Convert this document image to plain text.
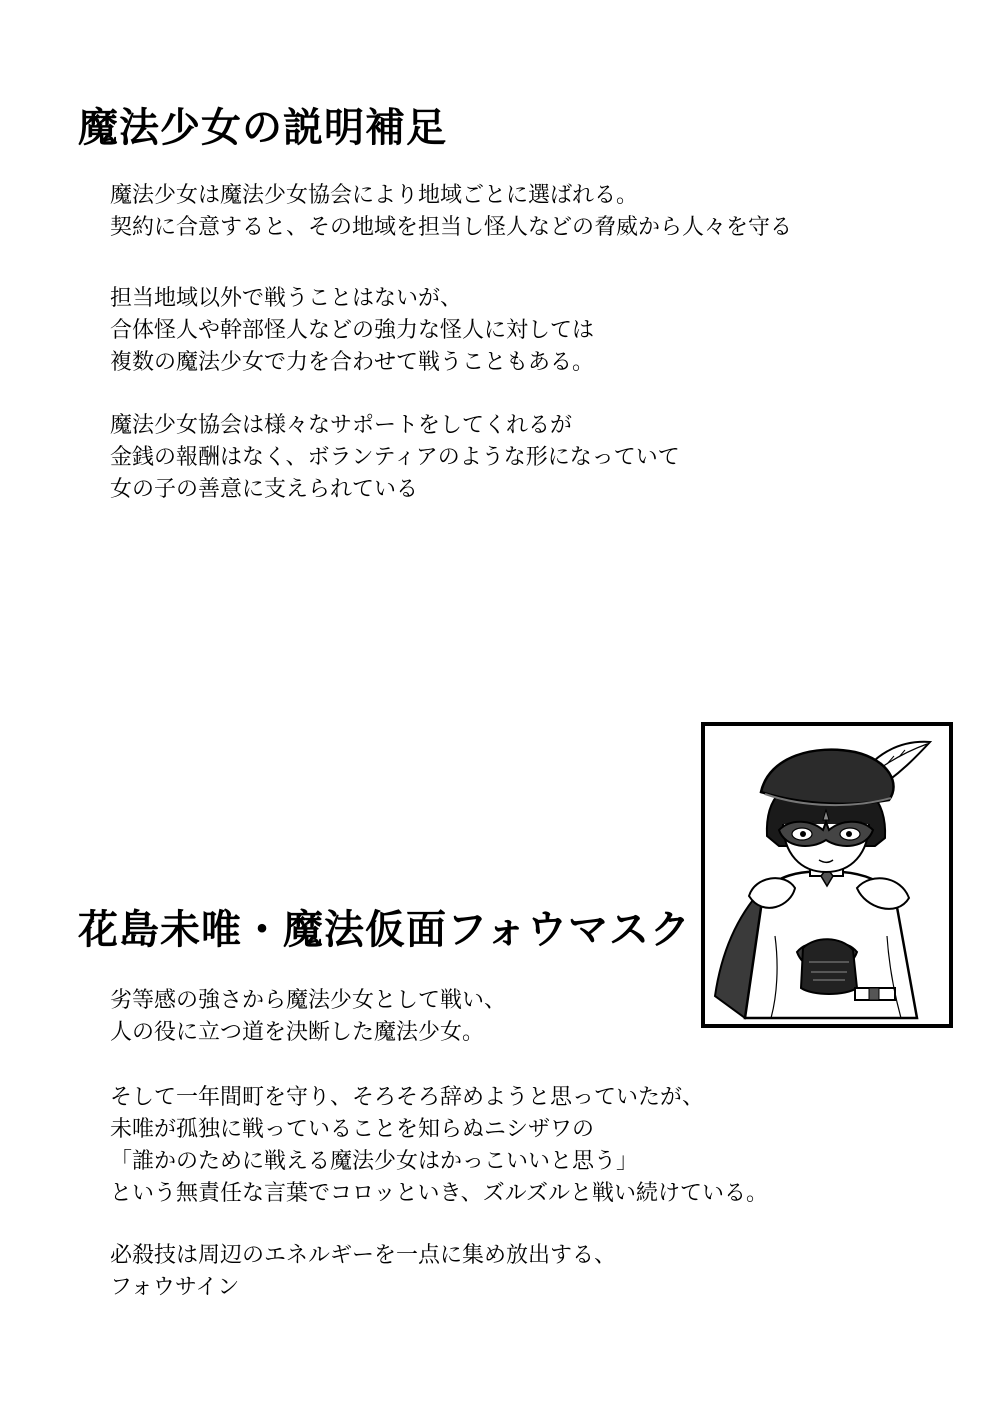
魔法少女の説明補足
魔法少女は魔法少女協会により地域ごとに選ばれる。
契約に合意すると、その地域を担当し怪人などの脅威から人々を守る
担当地域以外で戦うことはないが、
合体怪人や幹部怪人などの強力な怪人に対しては
複数の魔法少女で力を合わせて戦うこともある。
魔法少女協会は様々なサポートをしてくれるが
金銭の報酬はなく、ボランティアのような形になっていて
女の子の善意に支えられている
花島未唯・魔法仮面フォウマスク
劣等感の強さから魔法少女として戦い、
人の役に立つ道を決断した魔法少女。
そして一年間町を守り、そろそろ辞めようと思っていたが、
未唯が孤独に戦っていることを知らぬニシザワの
「誰かのために戦える魔法少女はかっこいいと思う」
という無責任な言葉でコロッといき、ズルズルと戦い続けている。
必殺技は周辺のエネルギーを一点に集め放出する、
フォウサイン
